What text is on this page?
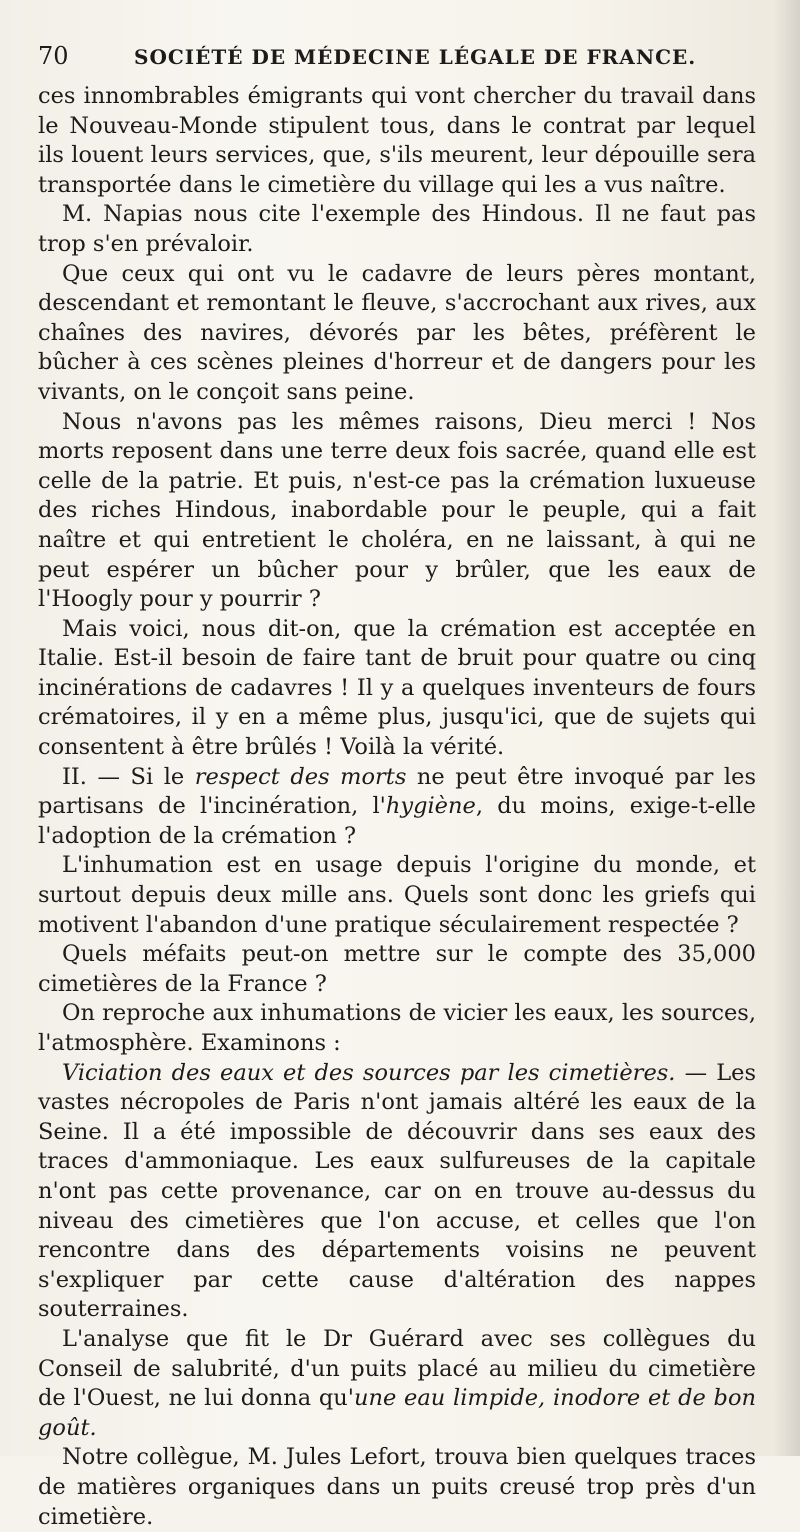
70	SOCIÉTÉ DE MÉDECINE LÉGALE DE FRANCE.

ces innombrables émigrants qui vont chercher du travail dans le Nouveau-Monde stipulent tous, dans le contrat par lequel ils louent leurs services, que, s'ils meurent, leur dépouille sera transportée dans le cimetière du village qui les a vus naître.

M. Napias nous cite l'exemple des Hindous. Il ne faut pas trop s'en prévaloir.

Que ceux qui ont vu le cadavre de leurs pères montant, descendant et remontant le fleuve, s'accrochant aux rives, aux chaînes des navires, dévorés par les bêtes, préfèrent le bûcher à ces scènes pleines d'horreur et de dangers pour les vivants, on le conçoit sans peine.

Nous n'avons pas les mêmes raisons, Dieu merci ! Nos morts reposent dans une terre deux fois sacrée, quand elle est celle de la patrie. Et puis, n'est-ce pas la crémation luxueuse des riches Hindous, inabordable pour le peuple, qui a fait naître et qui entretient le choléra, en ne laissant, à qui ne peut espérer un bûcher pour y brûler, que les eaux de l'Hoogly pour y pourrir ?

Mais voici, nous dit-on, que la crémation est acceptée en Italie. Est-il besoin de faire tant de bruit pour quatre ou cinq incinérations de cadavres ! Il y a quelques inventeurs de fours crématoires, il y en a même plus, jusqu'ici, que de sujets qui consentent à être brûlés ! Voilà la vérité.

II. — Si le respect des morts ne peut être invoqué par les partisans de l'incinération, l'hygiène, du moins, exige-t-elle l'adoption de la crémation ?

L'inhumation est en usage depuis l'origine du monde, et surtout depuis deux mille ans. Quels sont donc les griefs qui motivent l'abandon d'une pratique séculairement respectée ?

Quels méfaits peut-on mettre sur le compte des 35,000 cimetières de la France ?

On reproche aux inhumations de vicier les eaux, les sources, l'atmosphère. Examinons :

Viciation des eaux et des sources par les cimetières. — Les vastes nécropoles de Paris n'ont jamais altéré les eaux de la Seine. Il a été impossible de découvrir dans ses eaux des traces d'ammoniaque. Les eaux sulfureuses de la capitale n'ont pas cette provenance, car on en trouve au-dessus du niveau des cimetières que l'on accuse, et celles que l'on rencontre dans des départements voisins ne peuvent s'expliquer par cette cause d'altération des nappes souterraines.

L'analyse que fit le Dr Guérard avec ses collègues du Conseil de salubrité, d'un puits placé au milieu du cimetière de l'Ouest, ne lui donna qu'une eau limpide, inodore et de bon goût.

Notre collègue, M. Jules Lefort, trouva bien quelques traces de matières organiques dans un puits creusé trop près d'un cimetière.
